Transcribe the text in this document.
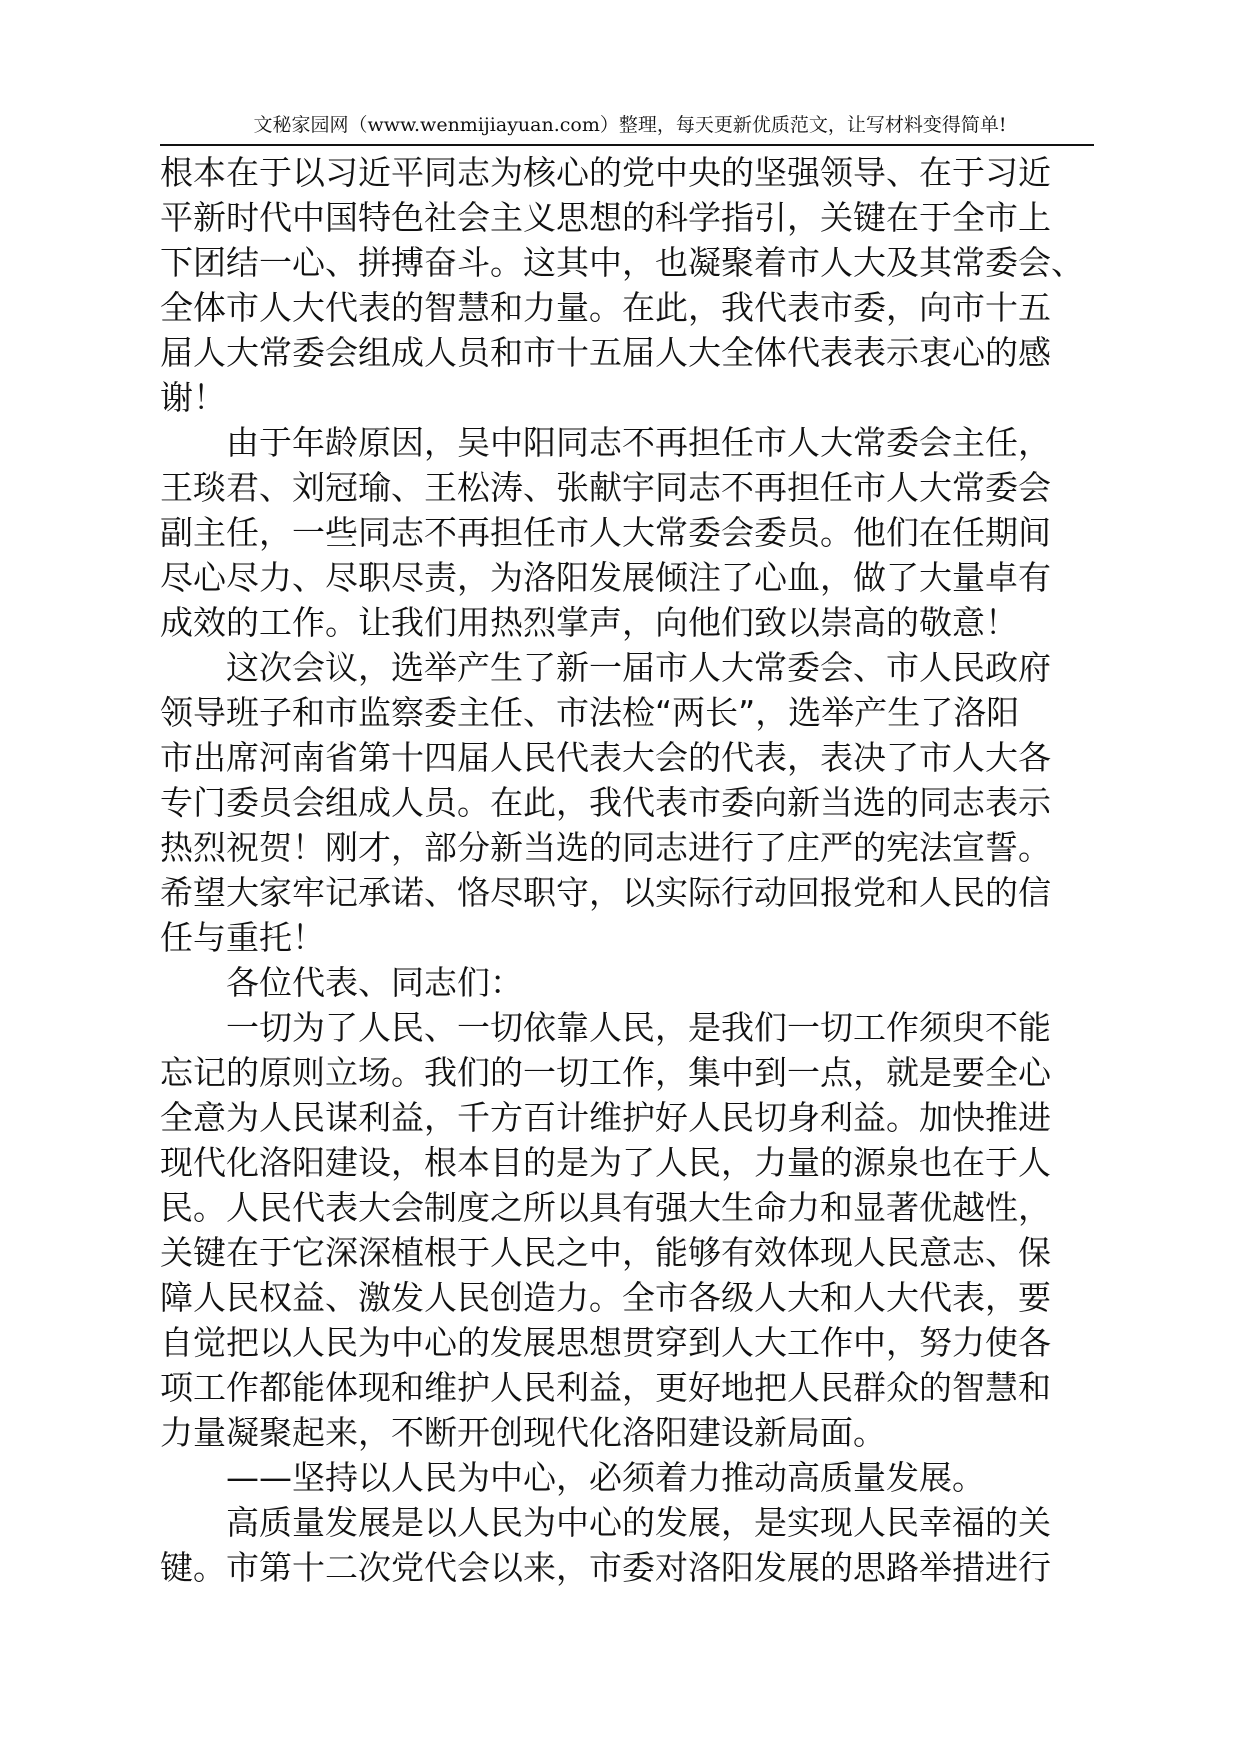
文秘家园网（www.wenmijiayuan.com）整理，每天更新优质范文，让写材料变得简单!
根本在于以习近平同志为核心的党中央的坚强领导、在于习近
平新时代中国特色社会主义思想的科学指引，关键在于全市上
下团结一心、拼搏奋斗。这其中，也凝聚着市人大及其常委会、
全体市人大代表的智慧和力量。在此，我代表市委，向市十五
届人大常委会组成人员和市十五届人大全体代表表示衷心的感
谢！
由于年龄原因，吴中阳同志不再担任市人大常委会主任，
王琰君、刘冠瑜、王松涛、张献宇同志不再担任市人大常委会
副主任，一些同志不再担任市人大常委会委员。他们在任期间
尽心尽力、尽职尽责，为洛阳发展倾注了心血，做了大量卓有
成效的工作。让我们用热烈掌声，向他们致以崇高的敬意！
这次会议，选举产生了新一届市人大常委会、市人民政府
领导班子和市监察委主任、市法检“两长”，选举产生了洛阳
市出席河南省第十四届人民代表大会的代表，表决了市人大各
专门委员会组成人员。在此，我代表市委向新当选的同志表示
热烈祝贺！刚才，部分新当选的同志进行了庄严的宪法宣誓。
希望大家牢记承诺、恪尽职守，以实际行动回报党和人民的信
任与重托！
各位代表、同志们：
一切为了人民、一切依靠人民，是我们一切工作须臾不能
忘记的原则立场。我们的一切工作，集中到一点，就是要全心
全意为人民谋利益，千方百计维护好人民切身利益。加快推进
现代化洛阳建设，根本目的是为了人民，力量的源泉也在于人
民。人民代表大会制度之所以具有强大生命力和显著优越性，
关键在于它深深植根于人民之中，能够有效体现人民意志、保
障人民权益、激发人民创造力。全市各级人大和人大代表，要
自觉把以人民为中心的发展思想贯穿到人大工作中，努力使各
项工作都能体现和维护人民利益，更好地把人民群众的智慧和
力量凝聚起来，不断开创现代化洛阳建设新局面。
——坚持以人民为中心，必须着力推动高质量发展。
高质量发展是以人民为中心的发展，是实现人民幸福的关
键。市第十二次党代会以来，市委对洛阳发展的思路举措进行
